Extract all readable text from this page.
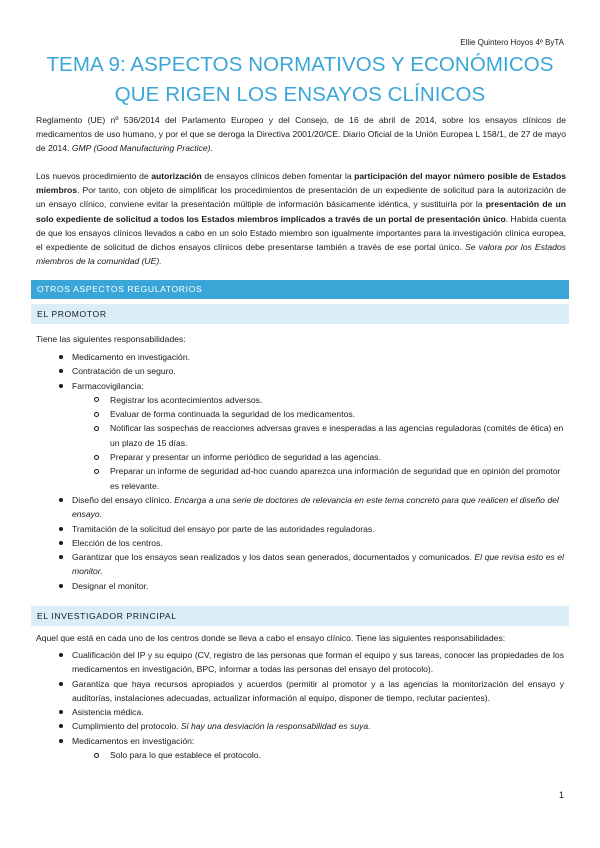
Ellie Quintero Hoyos 4º ByTA
TEMA 9: ASPECTOS NORMATIVOS Y ECONÓMICOS
QUE RIGEN LOS ENSAYOS CLÍNICOS

Reglamento (UE) nº 536/2014 del Parlamento Europeo y del Consejo, de 16 de abril de 2014, sobre los ensayos clínicos de medicamentos de uso humano, y por el que se deroga la Directiva 2001/20/CE. Diario Oficial de la Unión Europea L 158/1, de 27 de mayo de 2014. GMP (Good Manufacturing Practice).

Los nuevos procedimiento de autorización de ensayos clínicos deben fomentar la participación del mayor número posible de Estados miembros. Por tanto, con objeto de simplificar los procedimientos de presentación de un expediente de solicitud para la autorización de un ensayo clínico, conviene evitar la presentación múltiple de información básicamente idéntica, y sustituirla por la presentación de un solo expediente de solicitud a todos los Estados miembros implicados a través de un portal de presentación único. Habida cuenta de que los ensayos clínicos llevados a cabo en un solo Estado miembro son igualmente importantes para la investigación clínica europea, el expediente de solicitud de dichos ensayos clínicos debe presentarse también a través de ese portal único. Se valora por los Estados miembros de la comunidad (UE).

OTROS ASPECTOS REGULATORIOS
EL PROMOTOR
Tiene las siguientes responsabilidades:
Medicamento en investigación.
Contratación de un seguro.
Farmacovigilancia:
Registrar los acontecimientos adversos.
Evaluar de forma continuada la seguridad de los medicamentos.
Notificar las sospechas de reacciones adversas graves e inesperadas a las agencias reguladoras (comités de ética) en un plazo de 15 días.
Preparar y presentar un informe periódico de seguridad a las agencias.
Preparar un informe de seguridad ad-hoc cuando aparezca una información de seguridad que en opinión del promotor es relevante.
Diseño del ensayo clínico. Encarga a una serie de doctores de relevancia en este tema concreto para que realicen el diseño del ensayo.
Tramitación de la solicitud del ensayo por parte de las autoridades reguladoras.
Elección de los centros.
Garantizar que los ensayos sean realizados y los datos sean generados, documentados y comunicados. El que revisa esto es el monitor.
Designar el monitor.
EL INVESTIGADOR PRINCIPAL
Aquel que está en cada uno de los centros donde se lleva a cabo el ensayo clínico. Tiene las siguientes responsabilidades:
Cualificación del IP y su equipo (CV, registro de las personas que forman el equipo y sus tareas, conocer las propiedades de los medicamentos en investigación, BPC, informar a todas las personas del ensayo del protocolo).
Garantiza que haya recursos apropiados y acuerdos (permitir al promotor y a las agencias la monitorización del ensayo y auditorías, instalaciones adecuadas, actualizar información al equipo, disponer de tiempo, reclutar pacientes).
Asistencia médica.
Cumplimiento del protocolo. Si hay una desviación la responsabilidad es suya.
Medicamentos en investigación:
Solo para lo que establece el protocolo.
1
